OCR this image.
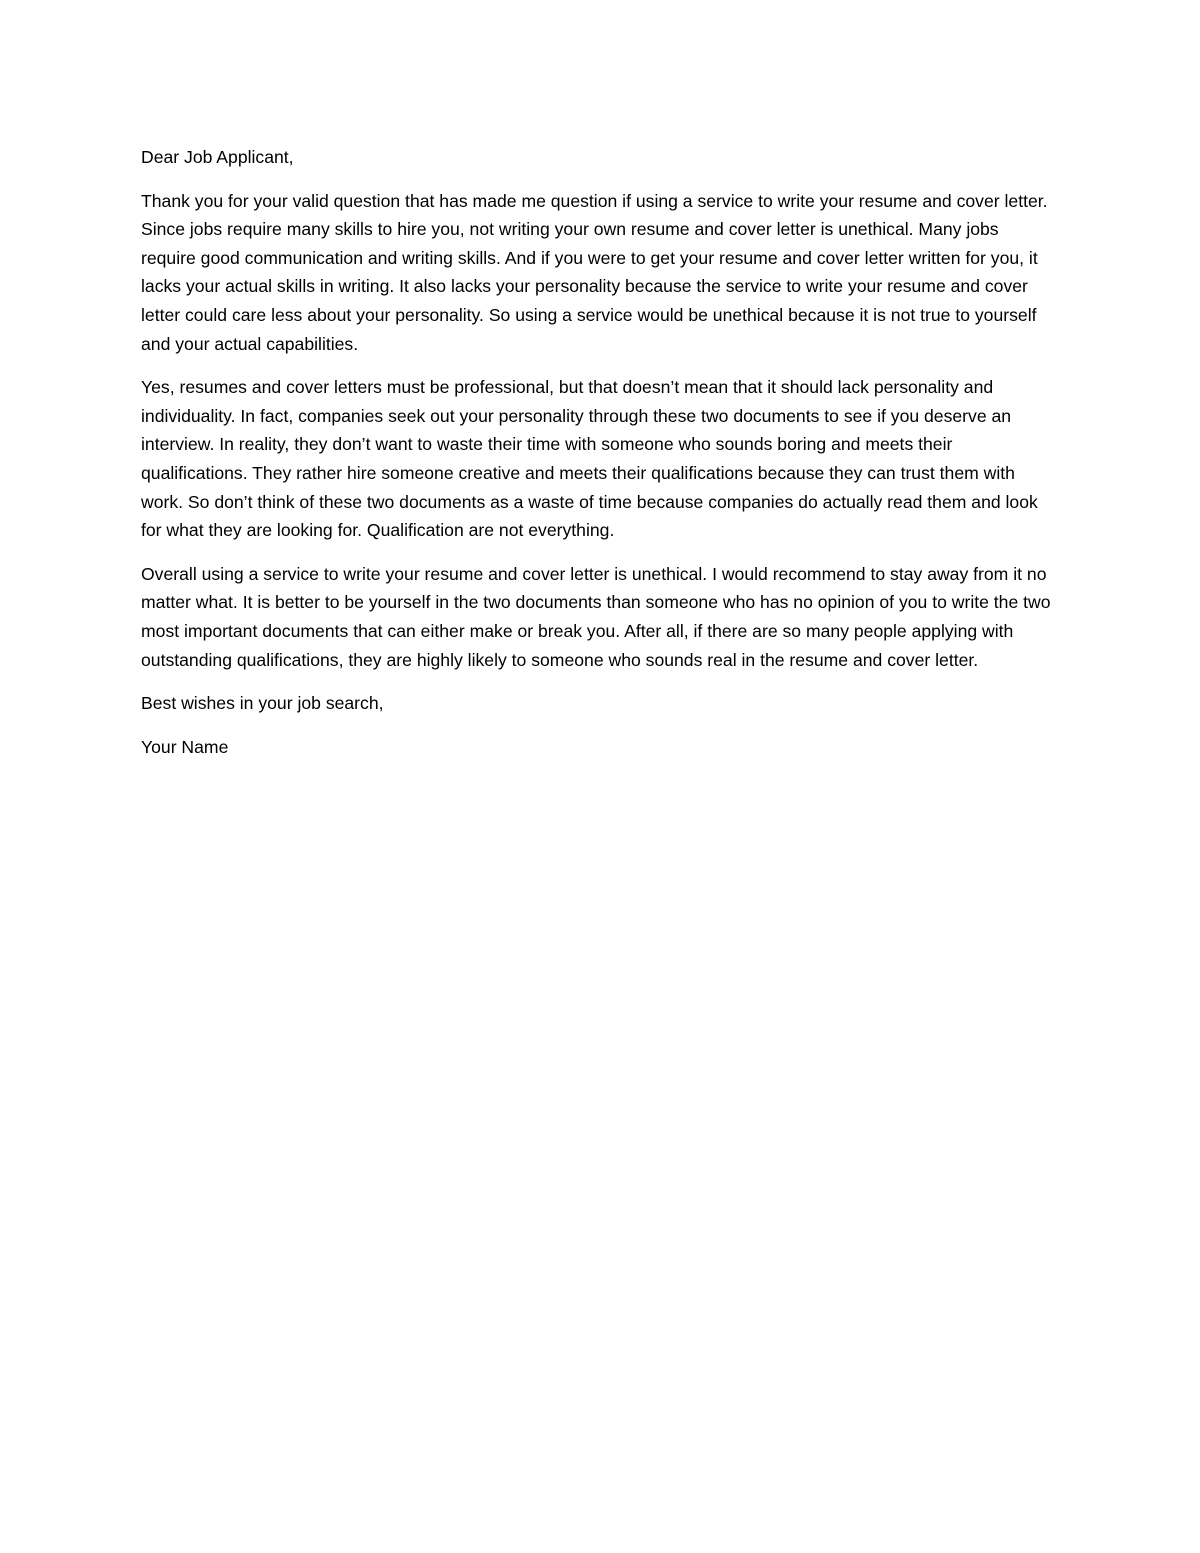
Dear Job Applicant,

Thank you for your valid question that has made me question if using a service to write your resume and cover letter. Since jobs require many skills to hire you, not writing your own resume and cover letter is unethical. Many jobs require good communication and writing skills. And if you were to get your resume and cover letter written for you, it lacks your actual skills in writing. It also lacks your personality because the service to write your resume and cover letter could care less about your personality. So using a service would be unethical because it is not true to yourself and your actual capabilities.

Yes, resumes and cover letters must be professional, but that doesn’t mean that it should lack personality and individuality. In fact, companies seek out your personality through these two documents to see if you deserve an interview. In reality, they don’t want to waste their time with someone who sounds boring and meets their qualifications. They rather hire someone creative and meets their qualifications because they can trust them with work. So don’t think of these two documents as a waste of time because companies do actually read them and look for what they are looking for. Qualification are not everything.

Overall using a service to write your resume and cover letter is unethical. I would recommend to stay away from it no matter what. It is better to be yourself in the two documents than someone who has no opinion of you to write the two most important documents that can either make or break you. After all, if there are so many people applying with outstanding qualifications, they are highly likely to someone who sounds real in the resume and cover letter.

Best wishes in your job search,

Your Name
